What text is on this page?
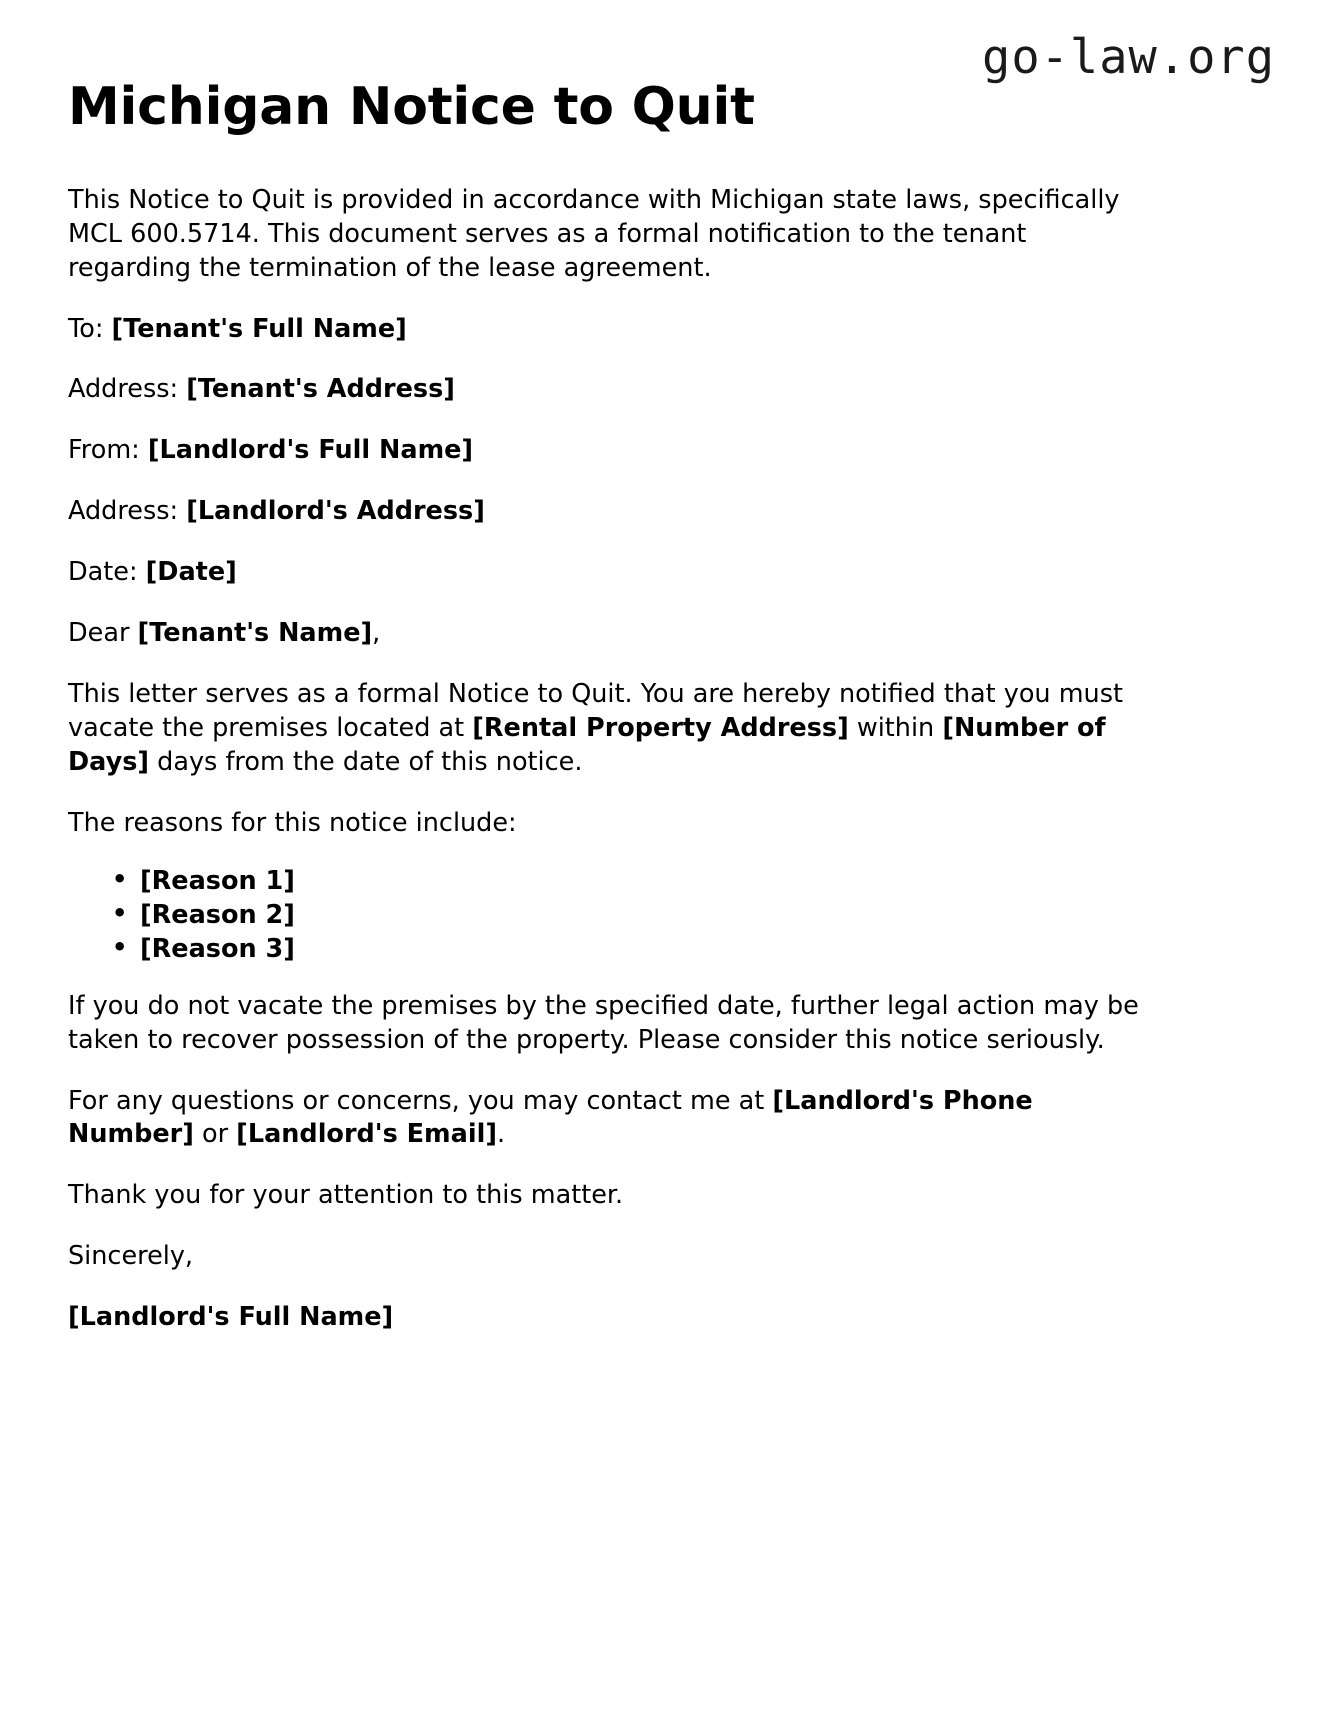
go-law.org
Michigan Notice to Quit

This Notice to Quit is provided in accordance with Michigan state laws, specifically MCL 600.5714. This document serves as a formal notification to the tenant regarding the termination of the lease agreement.

To: [Tenant's Full Name]

Address: [Tenant's Address]

From: [Landlord's Full Name]

Address: [Landlord's Address]

Date: [Date]

Dear [Tenant's Name],

This letter serves as a formal Notice to Quit. You are hereby notified that you must vacate the premises located at [Rental Property Address] within [Number of Days] days from the date of this notice.

The reasons for this notice include:

• [Reason 1]
• [Reason 2]
• [Reason 3]

If you do not vacate the premises by the specified date, further legal action may be taken to recover possession of the property. Please consider this notice seriously.

For any questions or concerns, you may contact me at [Landlord's Phone Number] or [Landlord's Email].

Thank you for your attention to this matter.

Sincerely,

[Landlord's Full Name]
